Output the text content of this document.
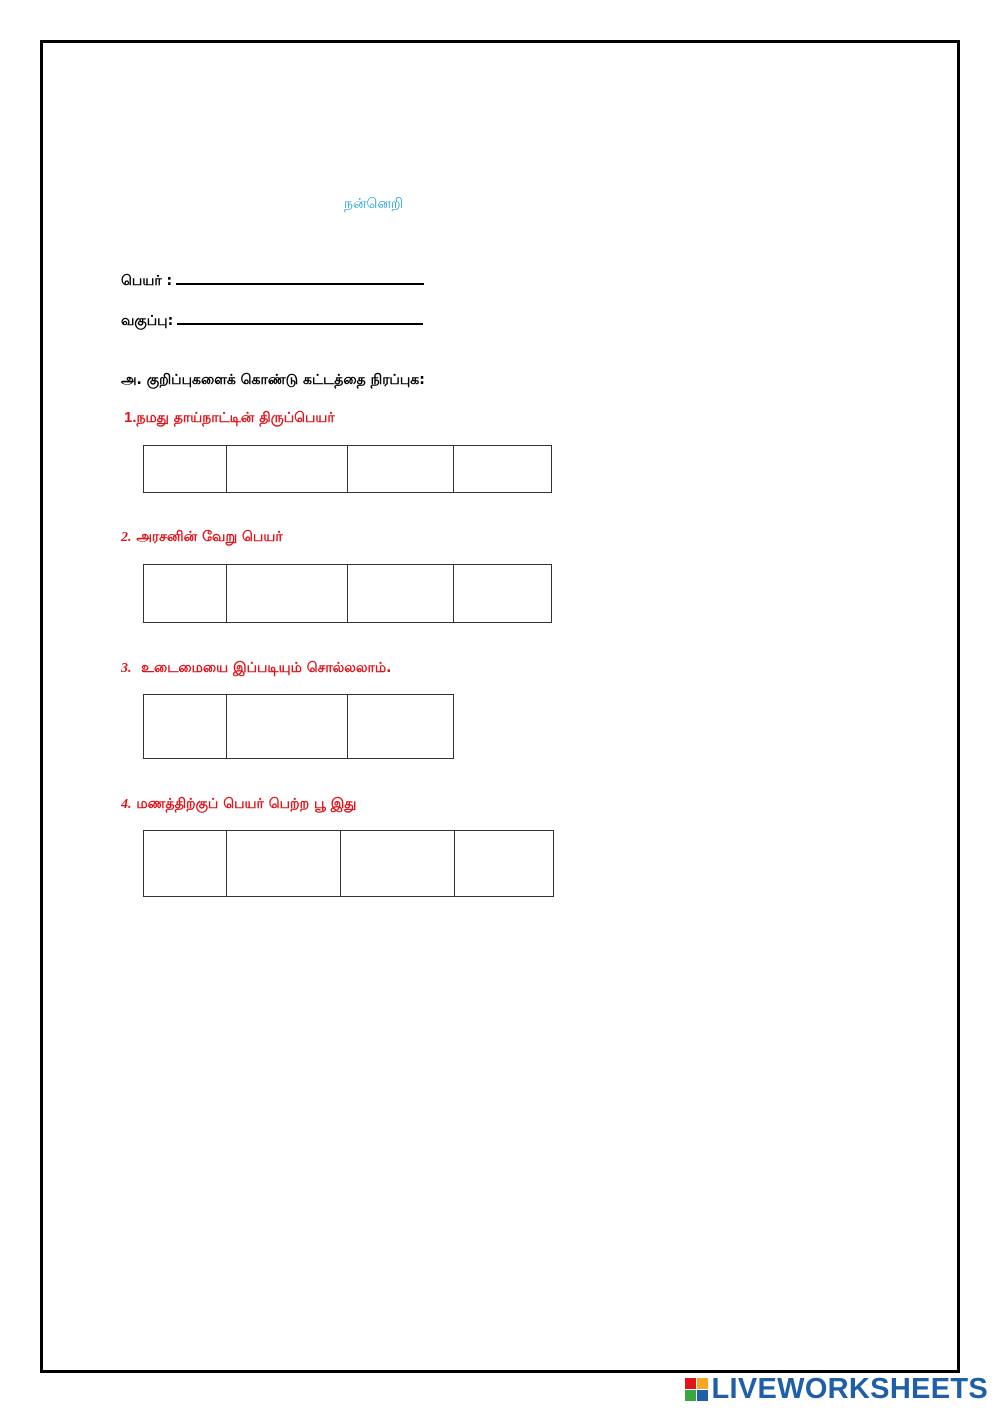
நன்னெறி
பெயர் :
வகுப்பு:
அ. குறிப்புகளைக் கொண்டு கட்டத்தை நிரப்புக:
1.நமது தாய்நாட்டின் திருப்பெயர்
2. அரசனின் வேறு பெயர்
3. உடைமையை இப்படியும் சொல்லலாம்.
4. மணத்திற்குப் பெயர் பெற்ற பூ இது
LIVEWORKSHEETS
